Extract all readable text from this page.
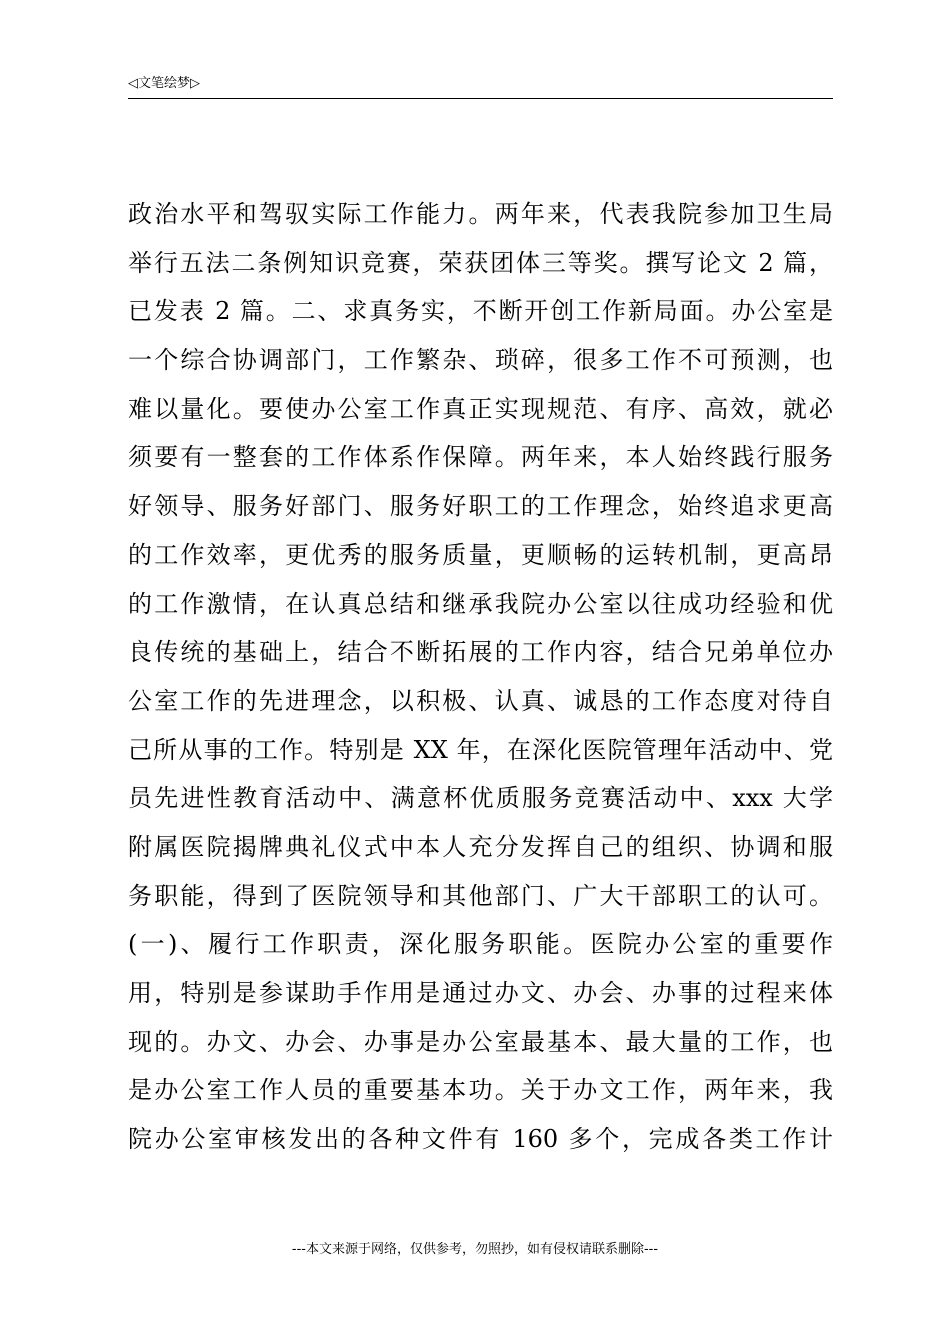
◁文笔绘梦▷
政治水平和驾驭实际工作能力。两年来，代表我院参加卫生局
举行五法二条例知识竞赛，荣获团体三等奖。撰写论文 2 篇，
已发表 2 篇。二、求真务实，不断开创工作新局面。办公室是
一个综合协调部门，工作繁杂、琐碎，很多工作不可预测，也
难以量化。要使办公室工作真正实现规范、有序、高效，就必
须要有一整套的工作体系作保障。两年来，本人始终践行服务
好领导、服务好部门、服务好职工的工作理念，始终追求更高
的工作效率，更优秀的服务质量，更顺畅的运转机制，更高昂
的工作激情，在认真总结和继承我院办公室以往成功经验和优
良传统的基础上，结合不断拓展的工作内容，结合兄弟单位办
公室工作的先进理念，以积极、认真、诚恳的工作态度对待自
己所从事的工作。特别是 XX 年，在深化医院管理年活动中、党
员先进性教育活动中、满意杯优质服务竞赛活动中、xxx 大学
附属医院揭牌典礼仪式中本人充分发挥自己的组织、协调和服
务职能，得到了医院领导和其他部门、广大干部职工的认可。
(一)、履行工作职责，深化服务职能。医院办公室的重要作
用，特别是参谋助手作用是通过办文、办会、办事的过程来体
现的。办文、办会、办事是办公室最基本、最大量的工作，也
是办公室工作人员的重要基本功。关于办文工作，两年来，我
院办公室审核发出的各种文件有 160 多个，完成各类工作计
---本文来源于网络，仅供参考，勿照抄，如有侵权请联系删除---
